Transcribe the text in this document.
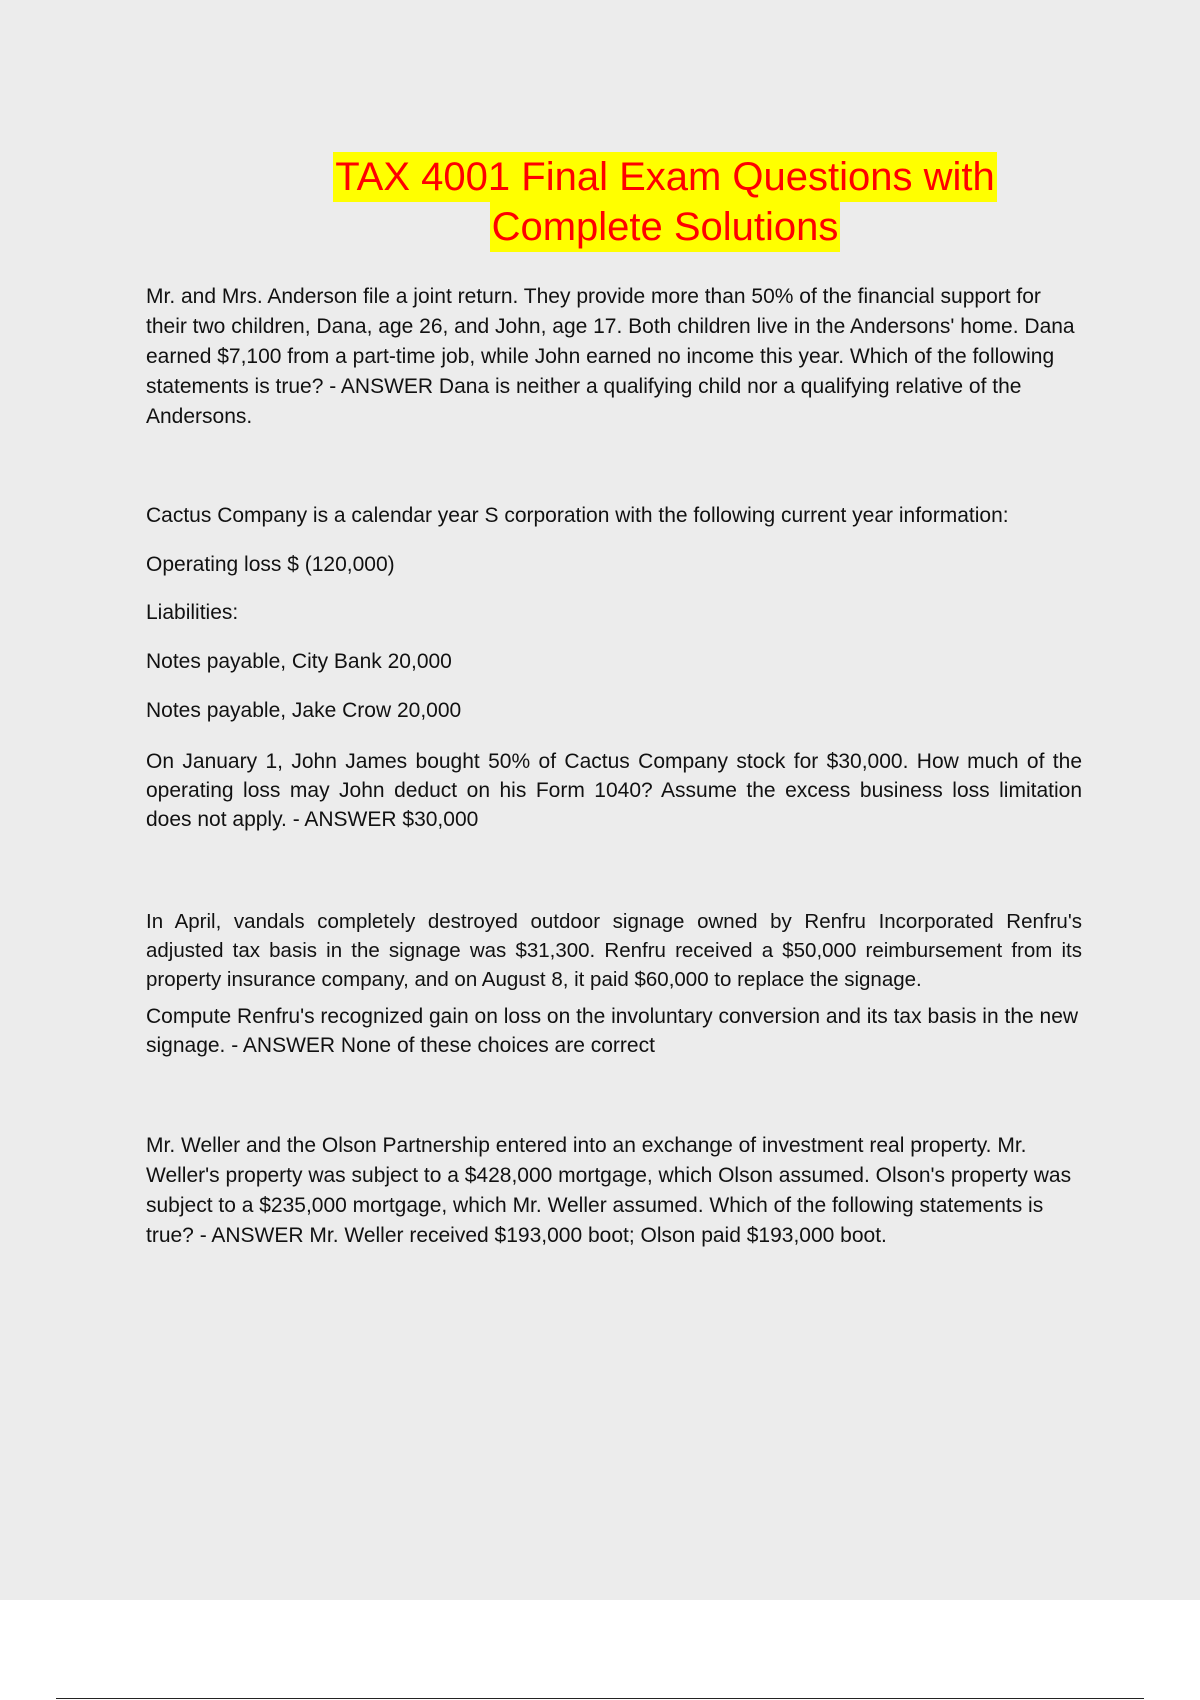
TAX 4001 Final Exam Questions with
Complete Solutions

Mr. and Mrs. Anderson file a joint return. They provide more than 50% of the financial support for their two children, Dana, age 26, and John, age 17. Both children live in the Andersons' home. Dana earned $7,100 from a part-time job, while John earned no income this year. Which of the following statements is true? - ANSWER Dana is neither a qualifying child nor a qualifying relative of the Andersons.

Cactus Company is a calendar year S corporation with the following current year information:

Operating loss $ (120,000)

Liabilities:

Notes payable, City Bank 20,000

Notes payable, Jake Crow 20,000

On January 1, John James bought 50% of Cactus Company stock for $30,000. How much of the operating loss may John deduct on his Form 1040? Assume the excess business loss limitation does not apply. - ANSWER $30,000

In April, vandals completely destroyed outdoor signage owned by Renfru Incorporated Renfru's adjusted tax basis in the signage was $31,300. Renfru received a $50,000 reimbursement from its property insurance company, and on August 8, it paid $60,000 to replace the signage.

Compute Renfru's recognized gain on loss on the involuntary conversion and its tax basis in the new signage. - ANSWER None of these choices are correct

Mr. Weller and the Olson Partnership entered into an exchange of investment real property. Mr. Weller's property was subject to a $428,000 mortgage, which Olson assumed. Olson's property was subject to a $235,000 mortgage, which Mr. Weller assumed. Which of the following statements is true? - ANSWER Mr. Weller received $193,000 boot; Olson paid $193,000 boot.
